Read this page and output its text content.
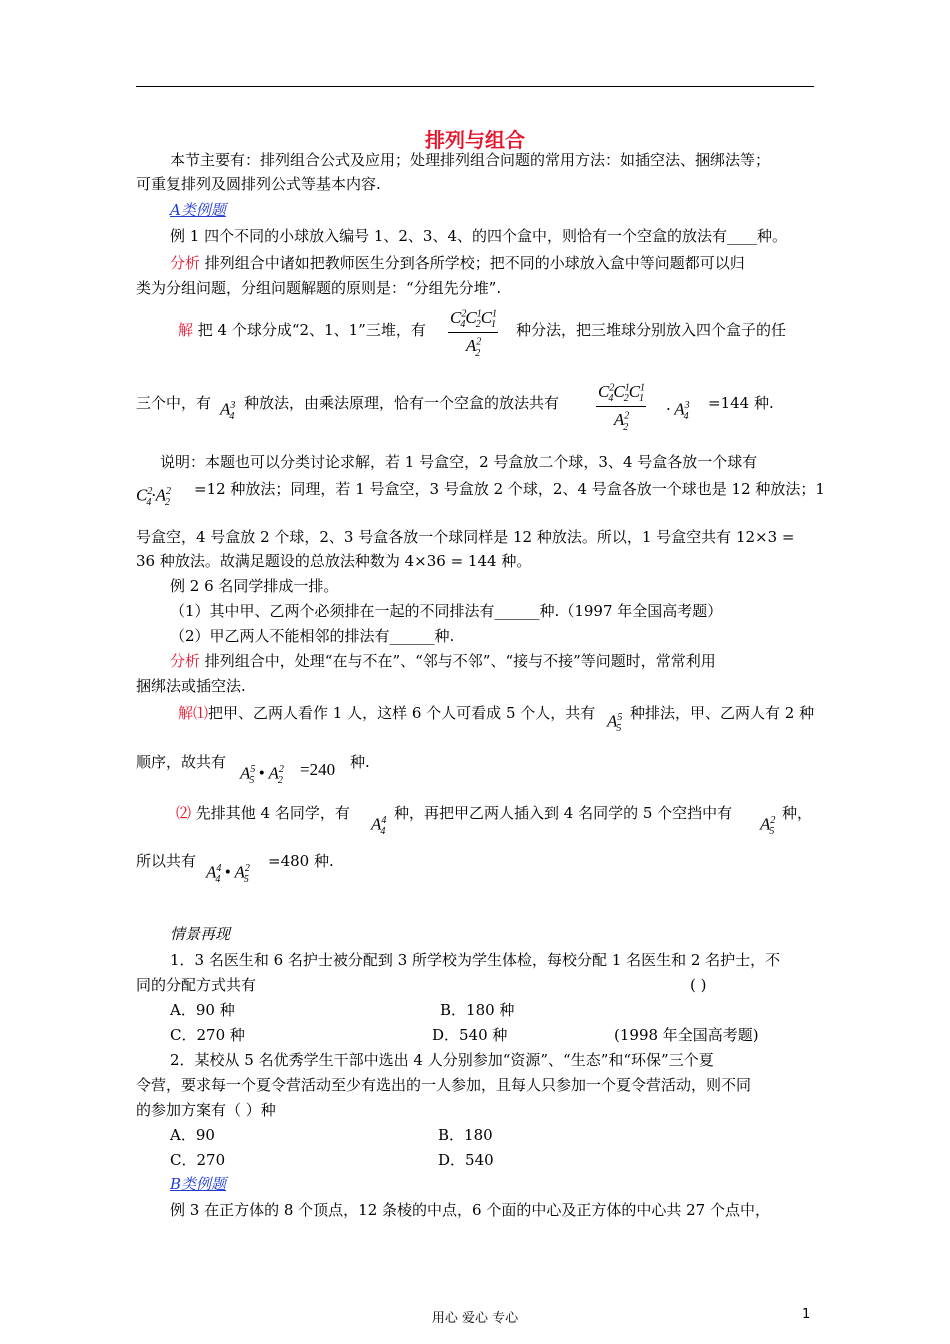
排列与组合
本节主要有：排列组合公式及应用；处理排列组合问题的常用方法：如插空法、捆绑法等；
可重复排列及圆排列公式等基本内容.
A类例题
例 1 四个不同的小球放入编号 1、2、3、4、的四个盒中，则恰有一个空盒的放法有____种。
分析 排列组合中诸如把教师医生分到各所学校；把不同的小球放入盒中等问题都可以归
类为分组问题，分组问题解题的原则是：“分组先分堆”.
解 把 4 个球分成“2、1、1”三堆，有 $\frac{C^2_4C^1_2C^1_1}{A^2_2}$ 种分法，把三堆球分别放入四个盒子的任
三个中，有 $A^3_4$
种放法，由乘法原理，恰有一个空盒的放法共有 $\frac{C^2_4C^1_2C^1_1}{A^2_2} \cdot A^3_4$
=144 种.
说明：本题也可以分类讨论求解，若 1 号盒空，2 号盒放二个球，3、4 号盒各放一个球有
$C^2_4\cdot A^2_2$
=12 种放法；同理，若 1 号盒空，3 号盒放 2 个球，2、4 号盒各放一个球也是 12 种放法；1
号盒空，4 号盒放 2 个球，2、3 号盒各放一个球同样是 12 种放法。所以，1 号盒空共有 12×3 =
36 种放法。故满足题设的总放法种数为 4×36 = 144 种。
例 2 6 名同学排成一排。
（1）其中甲、乙两个必须排在一起的不同排法有______种.（1997 年全国高考题）
（2）甲乙两人不能相邻的排法有______种.
分析 排列组合中，处理“在与不在”、“邻与不邻”、“接与不接”等问题时，常常利用
捆绑法或插空法.
解⑴把甲、乙两人看作 1 人，这样 6 个人可看成 5 个人，共有 $A^5_5$
种排法，甲、乙两人有 2 种
顺序，故共有
$A^5_5$ • $A^2_2$
=240 种.
⑵ 先排其他 4 名同学，有
$A^4_4$
种，再把甲乙两人插入到 4 名同学的 5 个空挡中有
$A^2_5$
种，
所以共有
$A^4_4$ • $A^2_5$
=480 种.
情景再现
1．3 名医生和 6 名护士被分配到 3 所学校为学生体检，每校分配 1 名医生和 2 名护士，不
同的分配方式共有	( )
A．90 种	B．180 种
C．270 种	D．540 种	(1998 年全国高考题)
2．某校从 5 名优秀学生干部中选出 4 人分别参加“资源”、“生态”和“环保”三个夏
令营，要求每一个夏令营活动至少有选出的一人参加，且每人只参加一个夏令营活动，则不同
的参加方案有（ ）种
A．90	B．180
C．270	D．540
B类例题
例 3 在正方体的 8 个顶点，12 条棱的中点，6 个面的中心及正方体的中心共 27 个点中，
用心 爱心 专心	1
